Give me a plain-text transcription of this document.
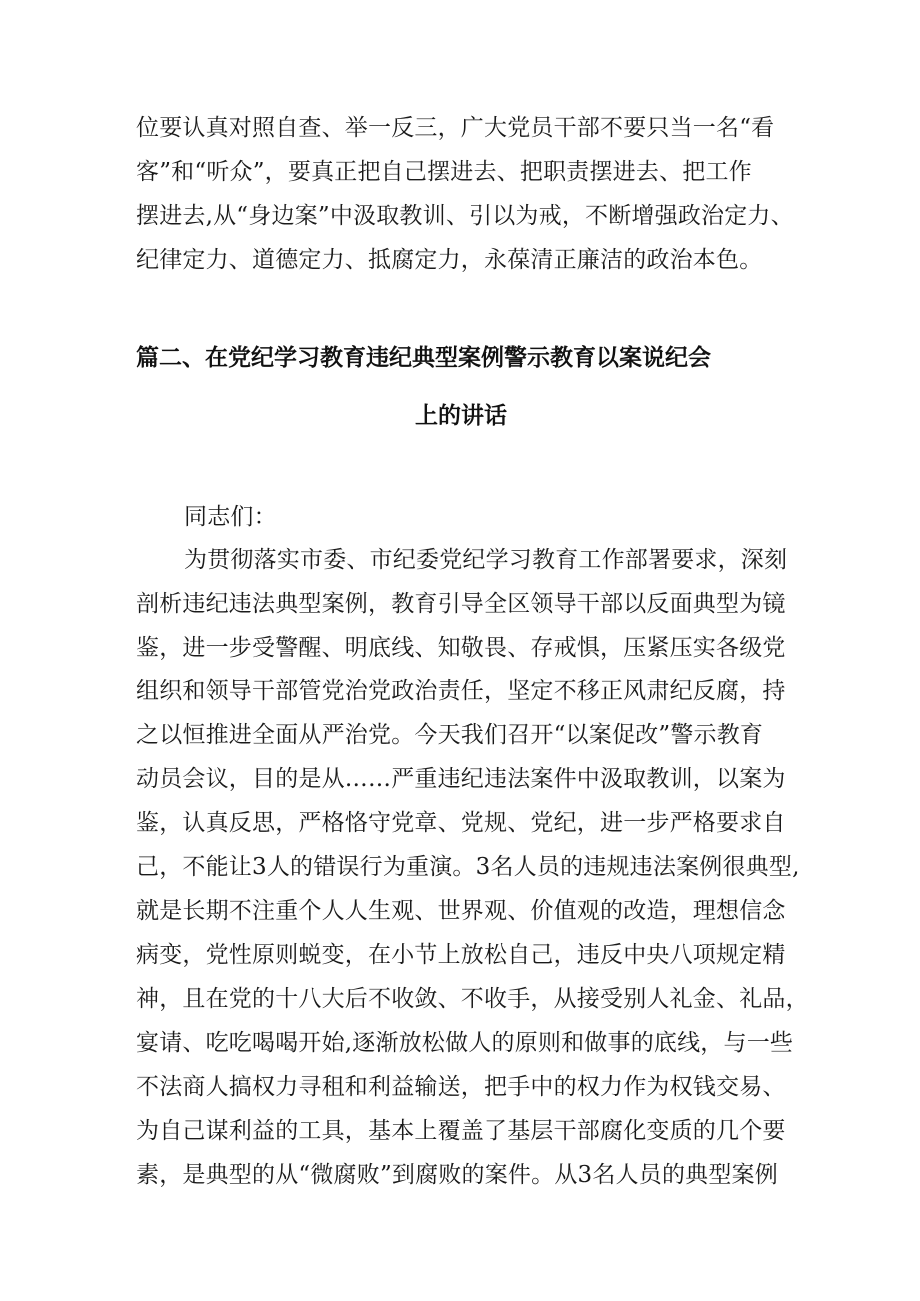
位要认真对照自查、举一反三，广大党员干部不要只当一名“看
客”和“听众”，要真正把自己摆进去、把职责摆进去、把工作
摆进去,从“身边案”中汲取教训、引以为戒，不断增强政治定力、
纪律定力、道德定力、抵腐定力，永葆清正廉洁的政治本色。
篇二、在党纪学习教育违纪典型案例警示教育以案说纪会
上的讲话
同志们：
为贯彻落实市委、市纪委党纪学习教育工作部署要求，深刻
剖析违纪违法典型案例，教育引导全区领导干部以反面典型为镜
鉴，进一步受警醒、明底线、知敬畏、存戒惧，压紧压实各级党
组织和领导干部管党治党政治责任，坚定不移正风肃纪反腐，持
之以恒推进全面从严治党。今天我们召开“以案促改”警示教育
动员会议，目的是从……严重违纪违法案件中汲取教训，以案为
鉴，认真反思，严格恪守党章、党规、党纪，进一步严格要求自
己，不能让3人的错误行为重演。3名人员的违规违法案例很典型,
就是长期不注重个人人生观、世界观、价值观的改造，理想信念
病变，党性原则蜕变，在小节上放松自己，违反中央八项规定精
神，且在党的十八大后不收敛、不收手，从接受别人礼金、礼品，
宴请、吃吃喝喝开始,逐渐放松做人的原则和做事的底线，与一些
不法商人搞权力寻租和利益输送，把手中的权力作为权钱交易、
为自己谋利益的工具，基本上覆盖了基层干部腐化变质的几个要
素，是典型的从“微腐败”到腐败的案件。从3名人员的典型案例
